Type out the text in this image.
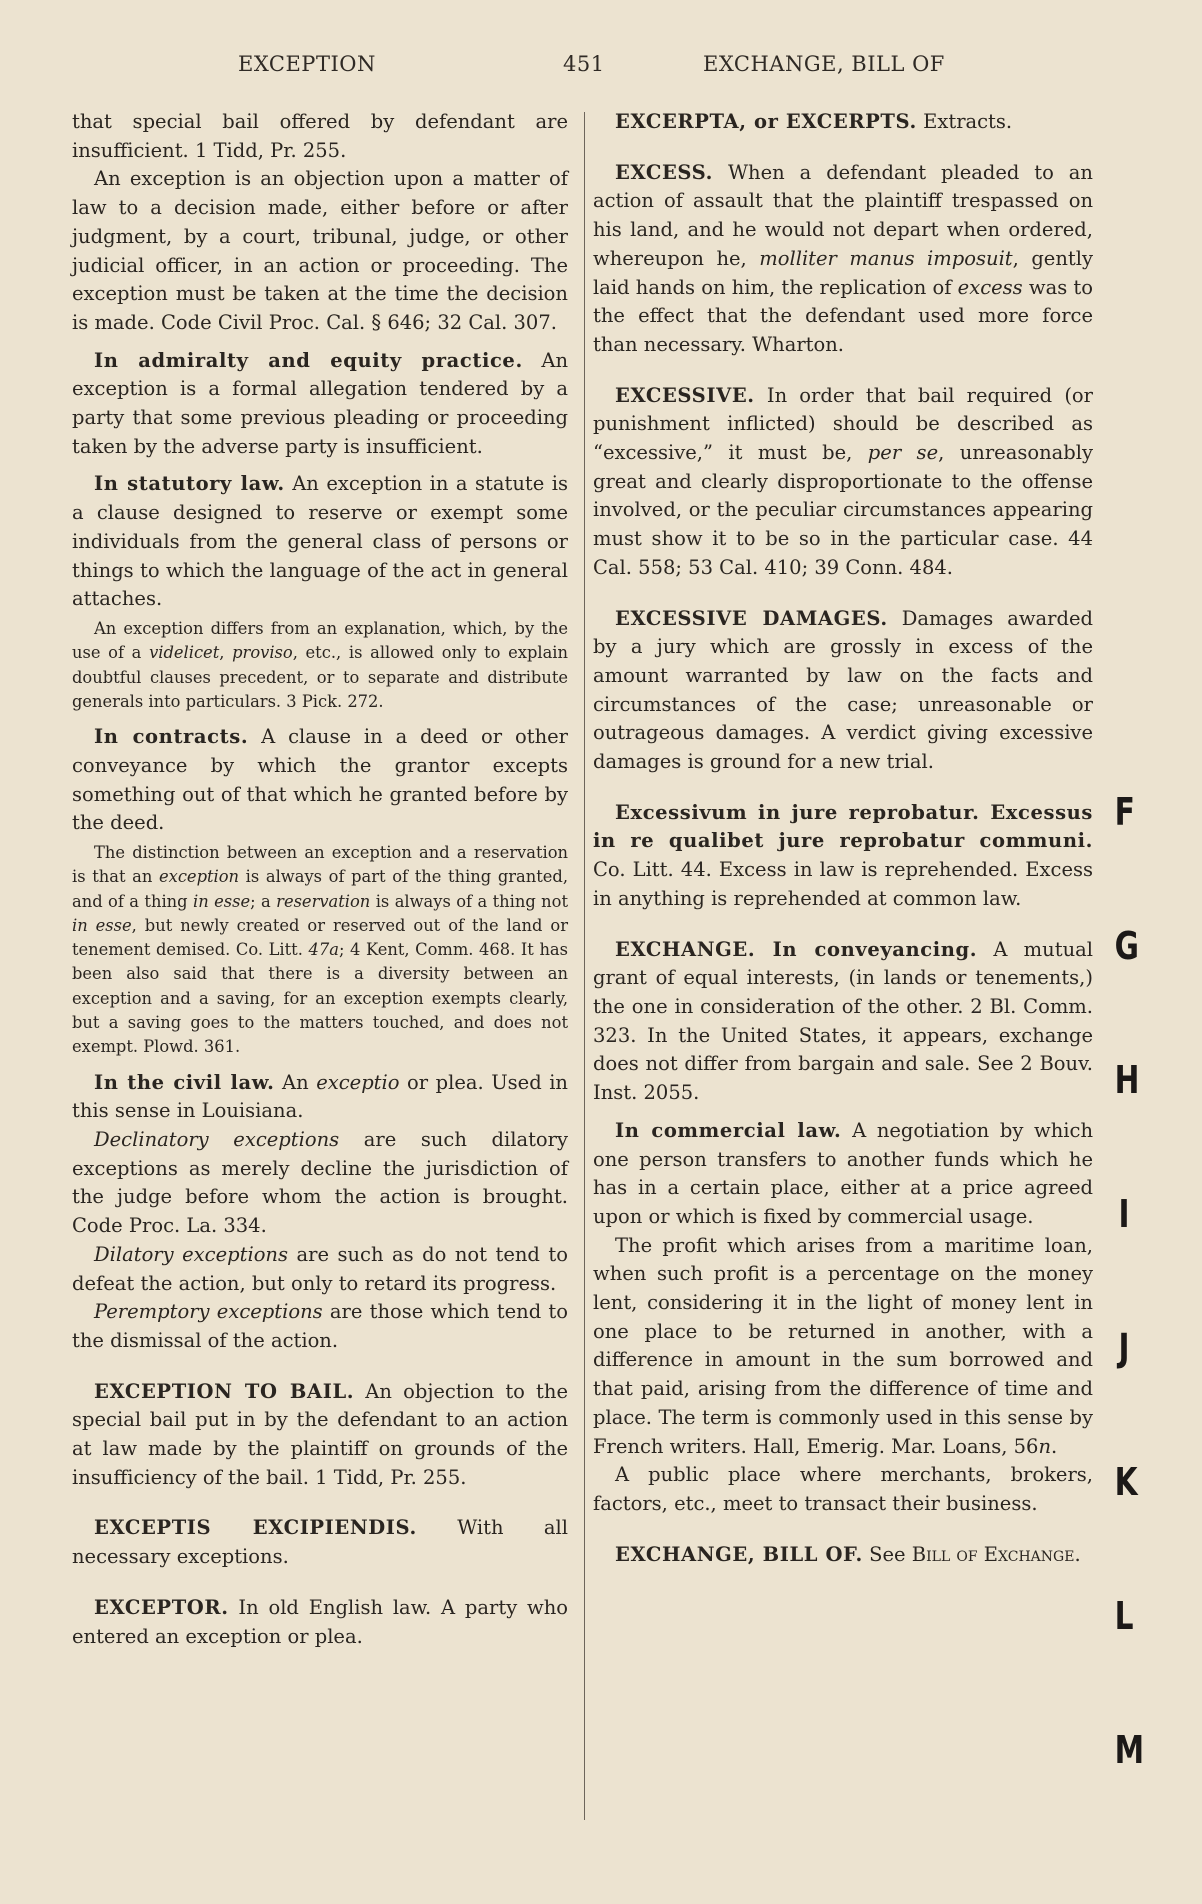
EXCEPTION	451	EXCHANGE, BILL OF

that special bail offered by defendant are insufficient. 1 Tidd, Pr. 255.

An exception is an objection upon a matter of law to a decision made, either before or after judgment, by a court, tribunal, judge, or other judicial officer, in an action or proceeding. The exception must be taken at the time the decision is made. Code Civil Proc. Cal. § 646; 32 Cal. 307.

In admiralty and equity practice. An exception is a formal allegation tendered by a party that some previous pleading or proceeding taken by the adverse party is insufficient.

In statutory law. An exception in a statute is a clause designed to reserve or exempt some individuals from the general class of persons or things to which the language of the act in general attaches.

An exception differs from an explanation, which, by the use of a videlicet, proviso, etc., is allowed only to explain doubtful clauses precedent, or to separate and distribute generals into particulars. 3 Pick. 272.

In contracts. A clause in a deed or other conveyance by which the grantor excepts something out of that which he granted before by the deed.

The distinction between an exception and a reservation is that an exception is always of part of the thing granted, and of a thing in esse; a reservation is always of a thing not in esse, but newly created or reserved out of the land or tenement demised. Co. Litt. 47a; 4 Kent, Comm. 468. It has been also said that there is a diversity between an exception and a saving, for an exception exempts clearly, but a saving goes to the matters touched, and does not exempt. Plowd. 361.

In the civil law. An exceptio or plea. Used in this sense in Louisiana.

Declinatory exceptions are such dilatory exceptions as merely decline the jurisdiction of the judge before whom the action is brought. Code Proc. La. 334.

Dilatory exceptions are such as do not tend to defeat the action, but only to retard its progress.

Peremptory exceptions are those which tend to the dismissal of the action.

EXCEPTION TO BAIL. An objection to the special bail put in by the defendant to an action at law made by the plaintiff on grounds of the insufficiency of the bail. 1 Tidd, Pr. 255.

EXCEPTIS EXCIPIENDIS. With all necessary exceptions.

EXCEPTOR. In old English law. A party who entered an exception or plea.

EXCERPTA, or EXCERPTS. Extracts.

EXCESS. When a defendant pleaded to an action of assault that the plaintiff trespassed on his land, and he would not depart when ordered, whereupon he, molliter manus imposuit, gently laid hands on him, the replication of excess was to the effect that the defendant used more force than necessary. Wharton.

EXCESSIVE. In order that bail required (or punishment inflicted) should be described as “excessive,” it must be, per se, unreasonably great and clearly disproportionate to the offense involved, or the peculiar circumstances appearing must show it to be so in the particular case. 44 Cal. 558; 53 Cal. 410; 39 Conn. 484.

EXCESSIVE DAMAGES. Damages awarded by a jury which are grossly in excess of the amount warranted by law on the facts and circumstances of the case; unreasonable or outrageous damages. A verdict giving excessive damages is ground for a new trial.

Excessivum in jure reprobatur. Excessus in re qualibet jure reprobatur communi. Co. Litt. 44. Excess in law is reprehended. Excess in anything is reprehended at common law.

EXCHANGE. In conveyancing. A mutual grant of equal interests, (in lands or tenements,) the one in consideration of the other. 2 Bl. Comm. 323. In the United States, it appears, exchange does not differ from bargain and sale. See 2 Bouv. Inst. 2055.

In commercial law. A negotiation by which one person transfers to another funds which he has in a certain place, either at a price agreed upon or which is fixed by commercial usage.

The profit which arises from a maritime loan, when such profit is a percentage on the money lent, considering it in the light of money lent in one place to be returned in another, with a difference in amount in the sum borrowed and that paid, arising from the difference of time and place. The term is commonly used in this sense by French writers. Hall, Emerig. Mar. Loans, 56n.

A public place where merchants, brokers, factors, etc., meet to transact their business.

EXCHANGE, BILL OF. See Bill of Exchange.

F
G
H
I
J
K
L
M
